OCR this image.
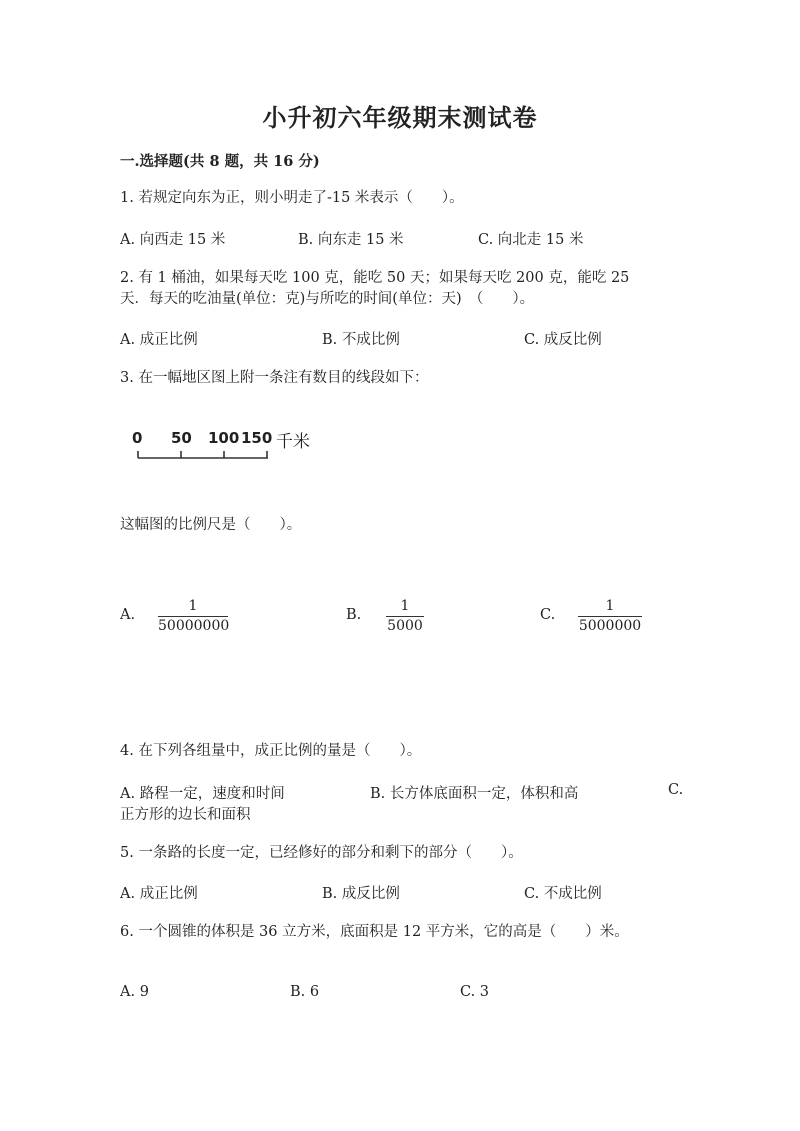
小升初六年级期末测试卷
一.选择题(共 8 题，共 16 分)
1. 若规定向东为正，则小明走了-15 米表示（　　）。
A. 向西走 15 米	B. 向东走 15 米	C. 向北走 15 米
2. 有 1 桶油，如果每天吃 100 克，能吃 50 天；如果每天吃 200 克，能吃 25
天．每天的吃油量(单位：克)与所吃的时间(单位：天)　（　　）。
A. 成正比例	B. 不成比例	C. 成反比例
3. 在一幅地区图上附一条注有数目的线段如下：
0 50 100 150 千米
这幅图的比例尺是（　　）。
A. $\frac{1}{50000000}$	B. $\frac{1}{5000}$	C. $\frac{1}{5000000}$
4. 在下列各组量中，成正比例的量是（　　）。
A. 路程一定，速度和时间	B. 长方体底面积一定，体积和高	C.
正方形的边长和面积
5. 一条路的长度一定，已经修好的部分和剩下的部分（　　）。
A. 成正比例	B. 成反比例	C. 不成比例
6. 一个圆锥的体积是 36 立方米，底面积是 12 平方米，它的高是（　　）米。
A. 9	B. 6	C. 3
